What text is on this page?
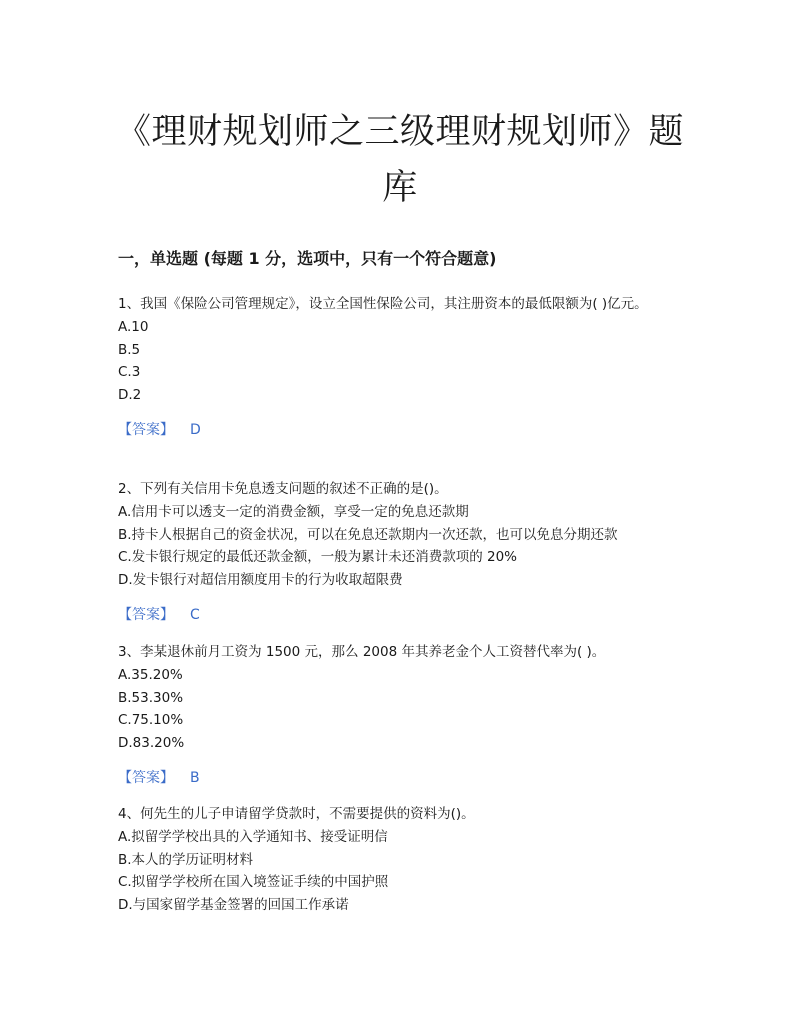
《理财规划师之三级理财规划师》题库
一，单选题 (每题 1 分，选项中，只有一个符合题意)

1、我国《保险公司管理规定》，设立全国性保险公司，其注册资本的最低限额为( )亿元。

A.10

B.5

C.3

D.2

【答案】 D

2、下列有关信用卡免息透支问题的叙述不正确的是()。

A.信用卡可以透支一定的消费金额，享受一定的免息还款期

B.持卡人根据自己的资金状况，可以在免息还款期内一次还款，也可以免息分期还款

C.发卡银行规定的最低还款金额，一般为累计未还消费款项的 20%

D.发卡银行对超信用额度用卡的行为收取超限费

【答案】 C

3、李某退休前月工资为 1500 元，那么 2008 年其养老金个人工资替代率为( )。

A.35.20%

B.53.30%

C.75.10%

D.83.20%

【答案】 B

4、何先生的儿子申请留学贷款时，不需要提供的资料为()。

A.拟留学学校出具的入学通知书、接受证明信

B.本人的学历证明材料

C.拟留学学校所在国入境签证手续的中国护照

D.与国家留学基金签署的回国工作承诺
